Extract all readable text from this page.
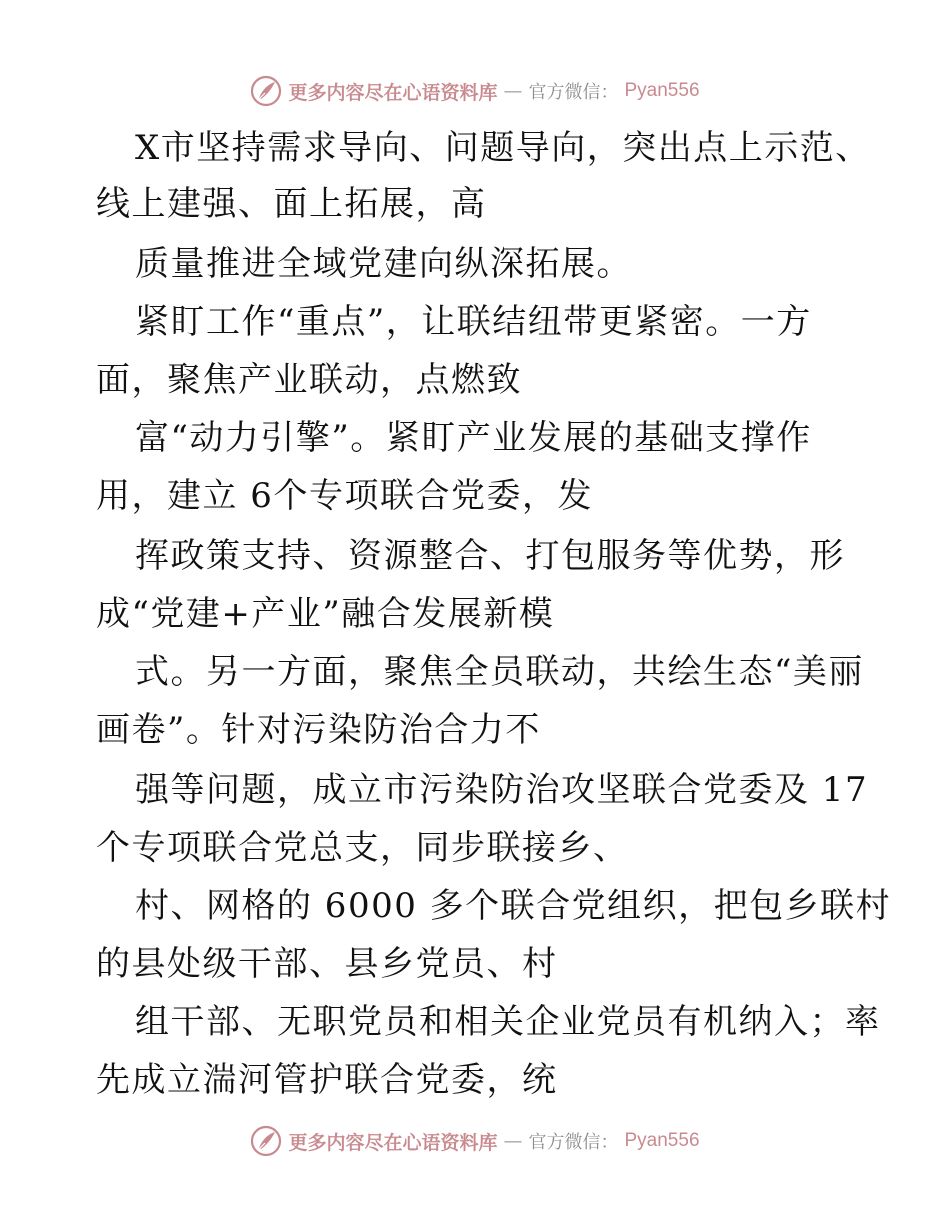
更多内容尽在心语资料库 — 官方微信： Pyan556
X市坚持需求导向、问题导向，突出点上示范、
线上建强、面上拓展，高
质量推进全域党建向纵深拓展。
紧盯工作“重点”，让联结纽带更紧密。一方
面，聚焦产业联动，点燃致
富“动力引擎”。紧盯产业发展的基础支撑作
用，建立 6个专项联合党委，发
挥政策支持、资源整合、打包服务等优势，形
成“党建+产业”融合发展新模
式。另一方面，聚焦全员联动，共绘生态“美丽
画卷”。针对污染防治合力不
强等问题，成立市污染防治攻坚联合党委及 17
个专项联合党总支，同步联接乡、
村、网格的 6000 多个联合党组织，把包乡联村
的县处级干部、县乡党员、村
组干部、无职党员和相关企业党员有机纳入；率
先成立湍河管护联合党委，统
更多内容尽在心语资料库 — 官方微信： Pyan556
